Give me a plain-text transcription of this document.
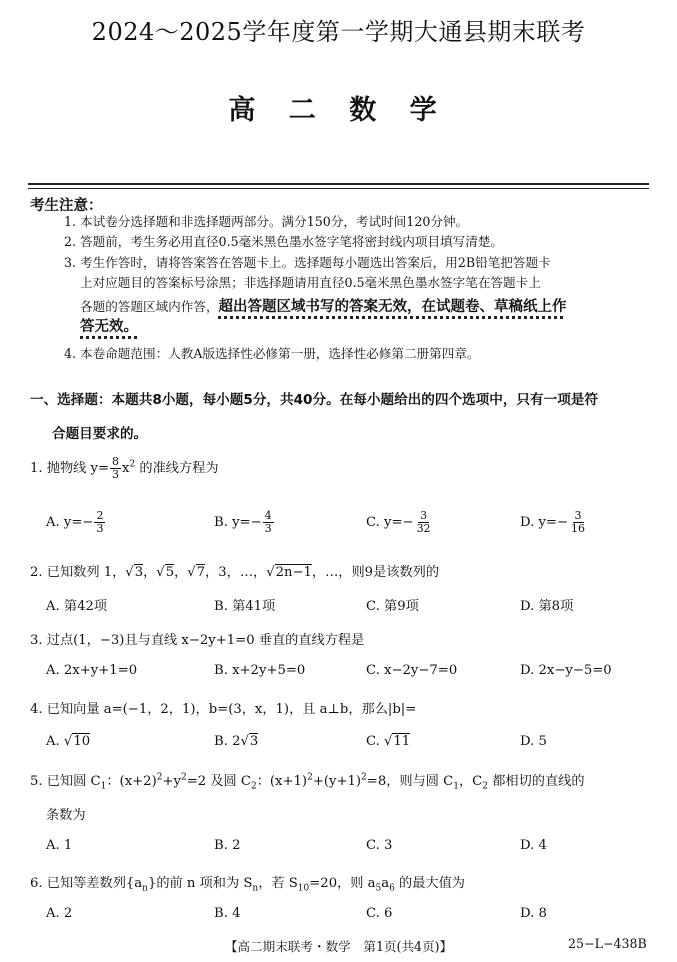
2024～2025学年度第一学期大通县期末联考
高 二 数 学
考生注意：
1. 本试卷分选择题和非选择题两部分。满分150分，考试时间120分钟。
2. 答题前，考生务必用直径0.5毫米黑色墨水签字笔将密封线内项目填写清楚。
3. 考生作答时，请将答案答在答题卡上。选择题每小题选出答案后，用2B铅笔把答题卡
上对应题目的答案标号涂黑；非选择题请用直径0.5毫米黑色墨水签字笔在答题卡上
各题的答题区域内作答，超出答题区域书写的答案无效，在试题卷、草稿纸上作
答无效。
4. 本卷命题范围：人教A版选择性必修第一册，选择性必修第二册第四章。
一、选择题：本题共8小题，每小题5分，共40分。在每小题给出的四个选项中，只有一项是符
合题目要求的。
1. 抛物线 $y= \frac{8}{3} x^2$ 的准线方程为
A. $y=- \frac{2}{3}$	B. $y=- \frac{4}{3}$	C. $y=- \frac{3}{32}$	D. $y=- \frac{3}{16}$
2. 已知数列 1，√3，√5，√7，3，…，√2n−1，…，则9是该数列的
A. 第42项	B. 第41项	C. 第9项	D. 第8项
3. 过点(1，−3)且与直线 x−2y+1=0 垂直的直线方程是
A. 2x+y+1=0	B. x+2y+5=0	C. x−2y−7=0	D. 2x−y−5=0
4. 已知向量 a=(−1，2，1)，b=(3，x，1)，且 a⊥b，那么|b|=
A. √10	B. 2√3	C. √11	D. 5
5. 已知圆 $C_1$：$(x+2)^2+y^2=2$ 及圆 $C_2$：$(x+1)^2+(y+1)^2=8$，则与圆 $C_1$，$C_2$ 都相切的直线的
条数为
A. 1	B. 2	C. 3	D. 4
6. 已知等差数列$\{a_n\}$的前 n 项和为 $S_n$，若 $S_{10}=20$，则 $a_5a_6$ 的最大值为
A. 2	B. 4	C. 6	D. 8
【高二期末联考・数学　第1页(共4页)】	25−L−438B
